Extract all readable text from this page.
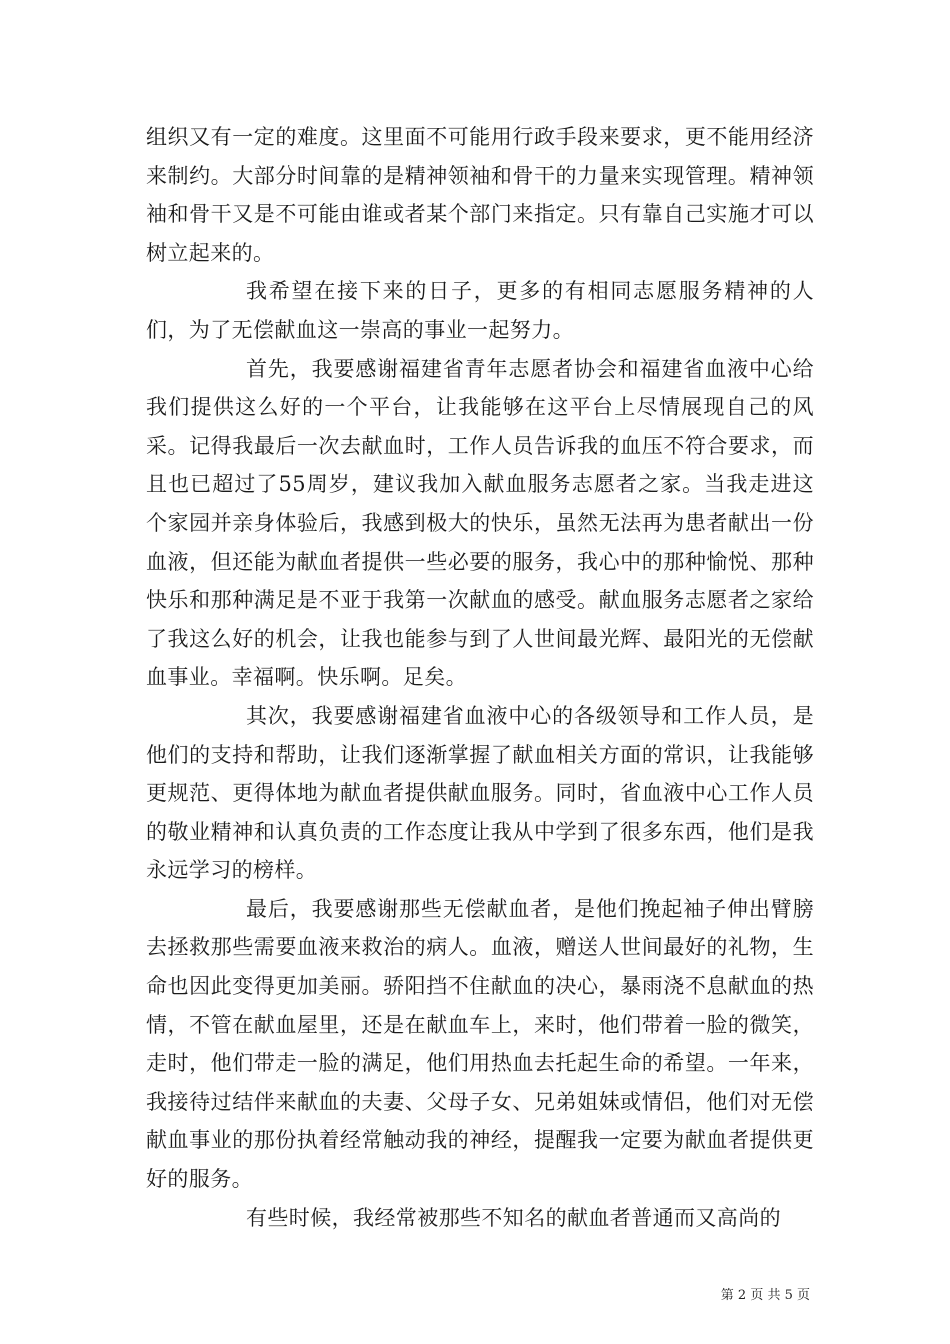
组织又有一定的难度。这里面不可能用行政手段来要求，更不能用经济来制约。大部分时间靠的是精神领袖和骨干的力量来实现管理。精神领袖和骨干又是不可能由谁或者某个部门来指定。只有靠自己实施才可以树立起来的。

我希望在接下来的日子，更多的有相同志愿服务精神的人们，为了无偿献血这一崇高的事业一起努力。

首先，我要感谢福建省青年志愿者协会和福建省血液中心给我们提供这么好的一个平台，让我能够在这平台上尽情展现自己的风采。记得我最后一次去献血时，工作人员告诉我的血压不符合要求，而且也已超过了55周岁，建议我加入献血服务志愿者之家。当我走进这个家园并亲身体验后，我感到极大的快乐，虽然无法再为患者献出一份血液，但还能为献血者提供一些必要的服务，我心中的那种愉悦、那种快乐和那种满足是不亚于我第一次献血的感受。献血服务志愿者之家给了我这么好的机会，让我也能参与到了人世间最光辉、最阳光的无偿献血事业。幸福啊。快乐啊。足矣。

其次，我要感谢福建省血液中心的各级领导和工作人员，是他们的支持和帮助，让我们逐渐掌握了献血相关方面的常识，让我能够更规范、更得体地为献血者提供献血服务。同时，省血液中心工作人员的敬业精神和认真负责的工作态度让我从中学到了很多东西，他们是我永远学习的榜样。

最后，我要感谢那些无偿献血者，是他们挽起袖子伸出臂膀去拯救那些需要血液来救治的病人。血液，赠送人世间最好的礼物，生命也因此变得更加美丽。骄阳挡不住献血的决心，暴雨浇不息献血的热情，不管在献血屋里，还是在献血车上，来时，他们带着一脸的微笑，走时，他们带走一脸的满足，他们用热血去托起生命的希望。一年来，我接待过结伴来献血的夫妻、父母子女、兄弟姐妹或情侣，他们对无偿献血事业的那份执着经常触动我的神经，提醒我一定要为献血者提供更好的服务。

有些时候，我经常被那些不知名的献血者普通而又高尚的

第 2 页 共 5 页
